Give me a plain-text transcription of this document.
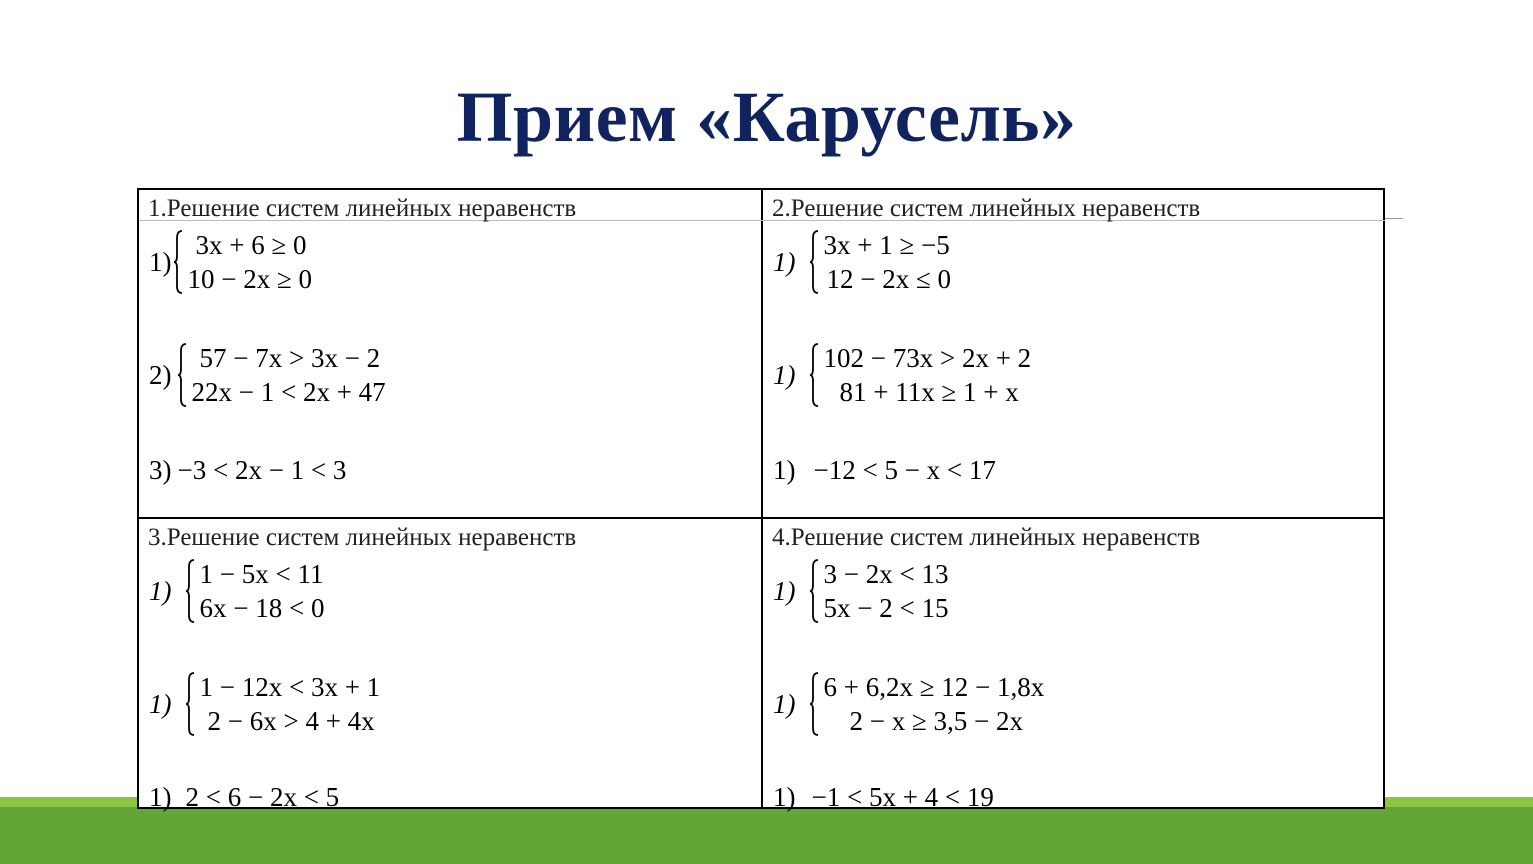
Прием «Карусель»
1.Решение систем линейных неравенств
1)
3x + 6 ≥ 0
10 − 2x ≥ 0
2)
57 − 7x > 3x − 2
22x − 1 < 2x + 47
3) −3 < 2x − 1 < 3
2.Решение систем линейных неравенств
1)
3x + 1 ≥ −5
12 − 2x ≤ 0
1)
102 − 73x > 2x + 2
81 + 11x ≥ 1 + x
1) −12 < 5 − x < 17
3.Решение систем линейных неравенств
1)
1 − 5x < 11
6x − 18 < 0
1)
1 − 12x < 3x + 1
2 − 6x > 4 + 4x
1) 2 < 6 − 2x < 5
4.Решение систем линейных неравенств
1)
3 − 2x < 13
5x − 2 < 15
1)
6 + 6,2x ≥ 12 − 1,8x
2 − x ≥ 3,5 − 2x
1) −1 < 5x + 4 < 19
